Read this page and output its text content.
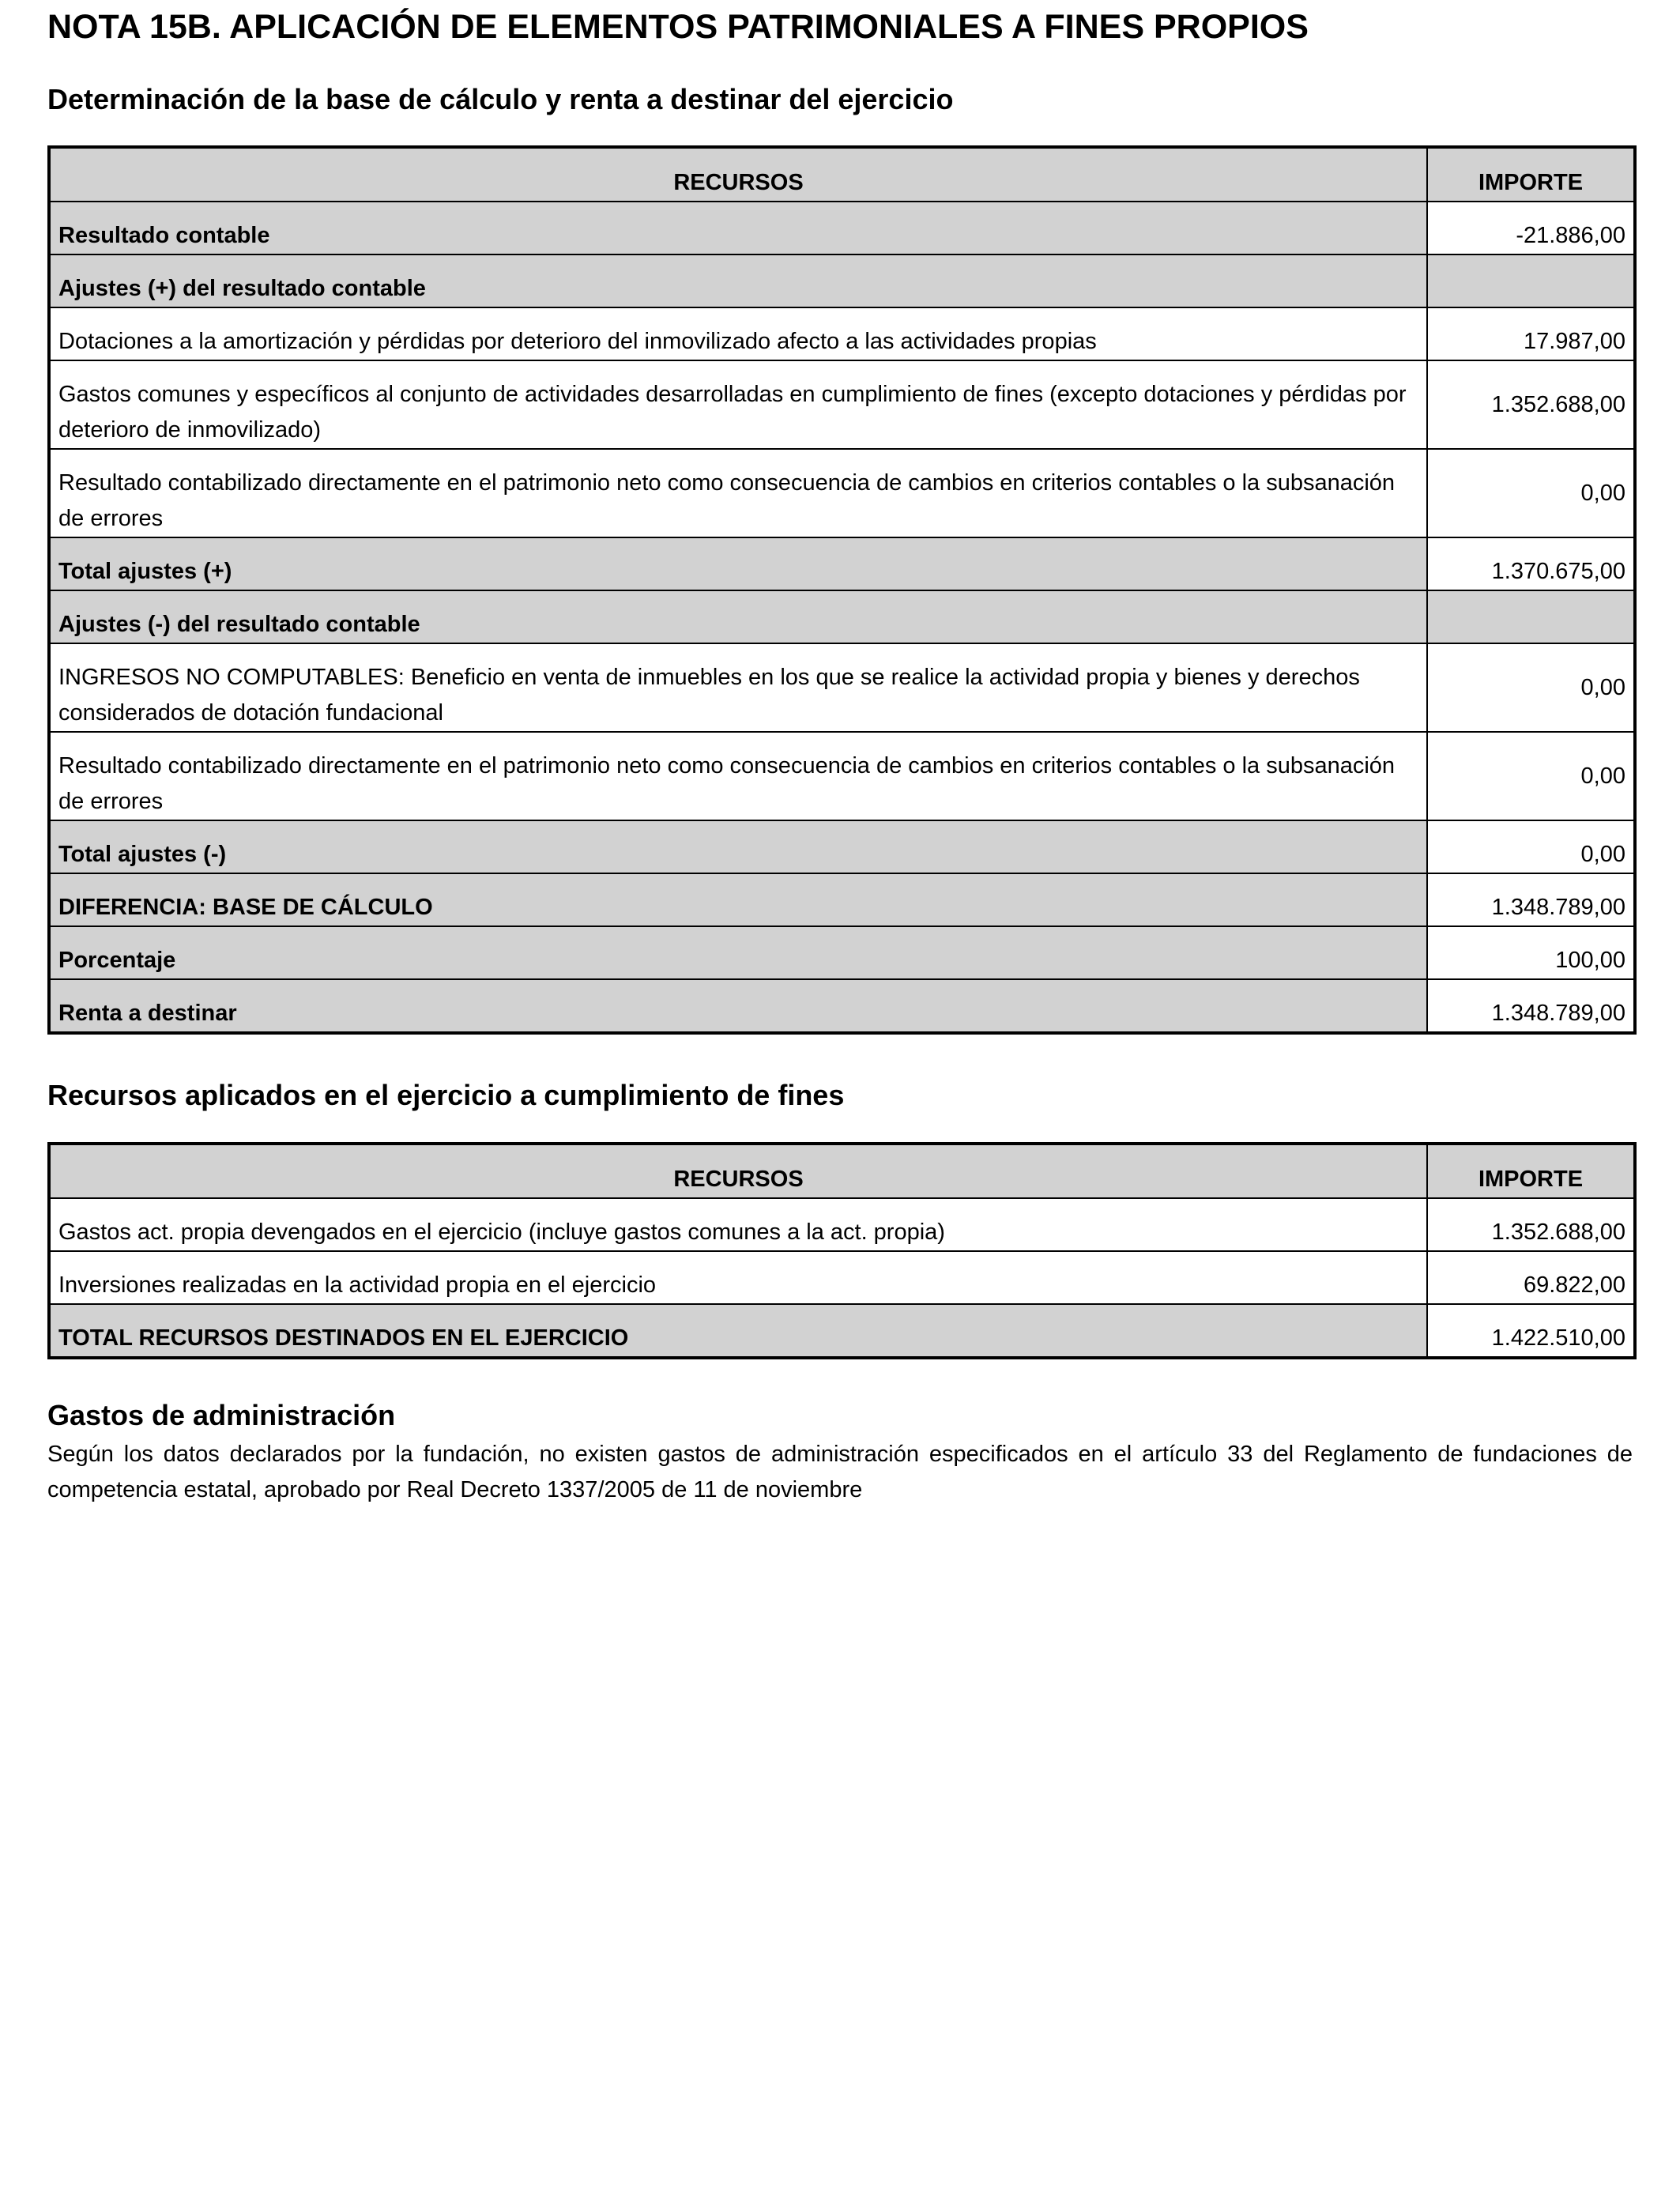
NOTA 15B. APLICACIÓN DE ELEMENTOS PATRIMONIALES A FINES PROPIOS
Determinación de la base de cálculo y renta a destinar del ejercicio
RECURSOS	IMPORTE
Resultado contable	-21.886,00
Ajustes (+) del resultado contable	
Dotaciones a la amortización y pérdidas por deterioro del inmovilizado afecto a las actividades propias	17.987,00
Gastos comunes y específicos al conjunto de actividades desarrolladas en cumplimiento de fines (excepto dotaciones y pérdidas por deterioro de inmovilizado)	1.352.688,00
Resultado contabilizado directamente en el patrimonio neto como consecuencia de cambios en criterios contables o la subsanación de errores	0,00
Total ajustes (+)	1.370.675,00
Ajustes (-) del resultado contable	
INGRESOS NO COMPUTABLES: Beneficio en venta de inmuebles en los que se realice la actividad propia y bienes y derechos considerados de dotación fundacional	0,00
Resultado contabilizado directamente en el patrimonio neto como consecuencia de cambios en criterios contables o la subsanación de errores	0,00
Total ajustes (-)	0,00
DIFERENCIA: BASE DE CÁLCULO	1.348.789,00
Porcentaje	100,00
Renta a destinar	1.348.789,00
Recursos aplicados en el ejercicio a cumplimiento de fines
RECURSOS	IMPORTE
Gastos act. propia devengados en el ejercicio (incluye gastos comunes a la act. propia)	1.352.688,00
Inversiones realizadas en la actividad propia en el ejercicio	69.822,00
TOTAL RECURSOS DESTINADOS EN EL EJERCICIO	1.422.510,00
Gastos de administración

Según los datos declarados por la fundación, no existen gastos de administración especificados en el artículo 33 del Reglamento de fundaciones de competencia estatal, aprobado por Real Decreto 1337/2005 de 11 de noviembre
